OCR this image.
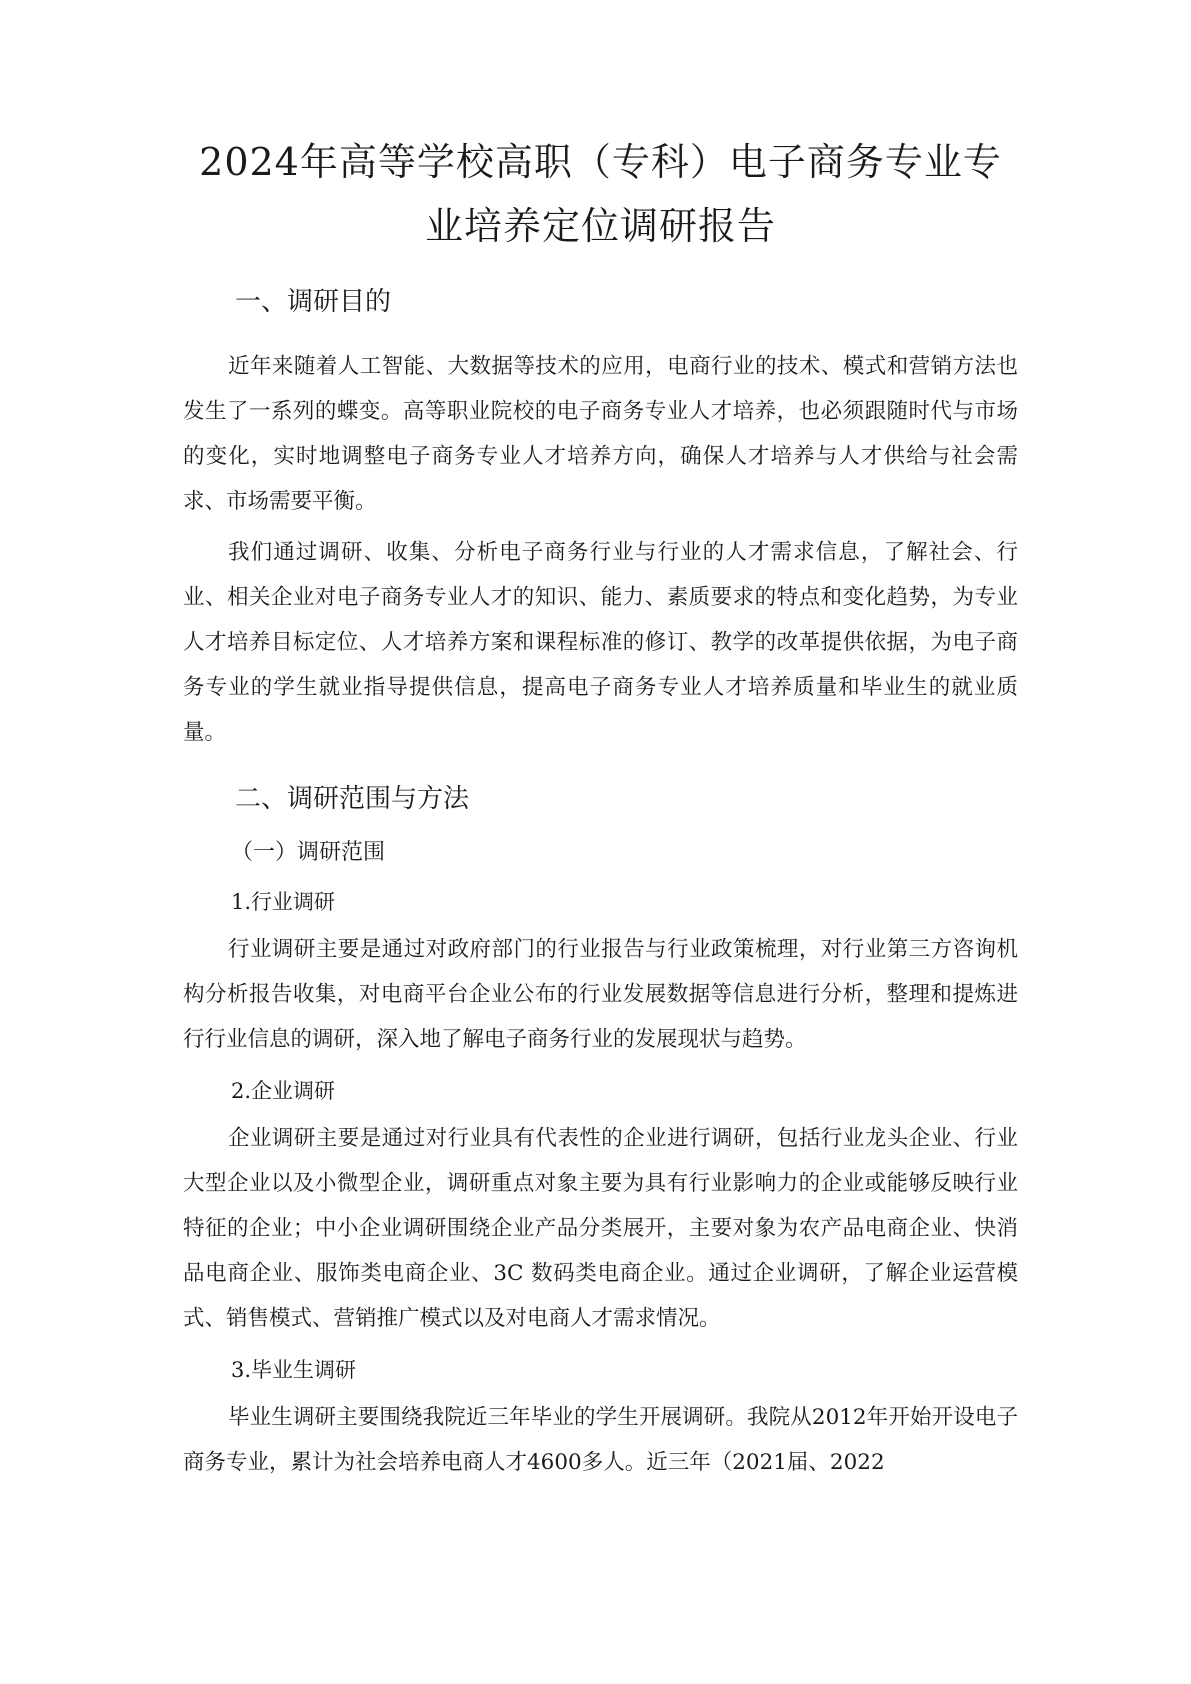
2024年高等学校高职（专科）电子商务专业专
业培养定位调研报告
一、调研目的

近年来随着人工智能、大数据等技术的应用，电商行业的技术、模式和营销方法也发生了一系列的蝶变。高等职业院校的电子商务专业人才培养，也必须跟随时代与市场的变化，实时地调整电子商务专业人才培养方向，确保人才培养与人才供给与社会需求、市场需要平衡。

我们通过调研、收集、分析电子商务行业与行业的人才需求信息，了解社会、行业、相关企业对电子商务专业人才的知识、能力、素质要求的特点和变化趋势，为专业人才培养目标定位、人才培养方案和课程标准的修订、教学的改革提供依据，为电子商务专业的学生就业指导提供信息，提高电子商务专业人才培养质量和毕业生的就业质量。

二、调研范围与方法
（一）调研范围
1.行业调研

行业调研主要是通过对政府部门的行业报告与行业政策梳理，对行业第三方咨询机构分析报告收集，对电商平台企业公布的行业发展数据等信息进行分析，整理和提炼进行行业信息的调研，深入地了解电子商务行业的发展现状与趋势。

2.企业调研

企业调研主要是通过对行业具有代表性的企业进行调研，包括行业龙头企业、行业大型企业以及小微型企业，调研重点对象主要为具有行业影响力的企业或能够反映行业特征的企业；中小企业调研围绕企业产品分类展开，主要对象为农产品电商企业、快消品电商企业、服饰类电商企业、3C 数码类电商企业。通过企业调研，了解企业运营模式、销售模式、营销推广模式以及对电商人才需求情况。

3.毕业生调研

毕业生调研主要围绕我院近三年毕业的学生开展调研。我院从2012年开始开设电子商务专业，累计为社会培养电商人才4600多人。近三年（2021届、2022
